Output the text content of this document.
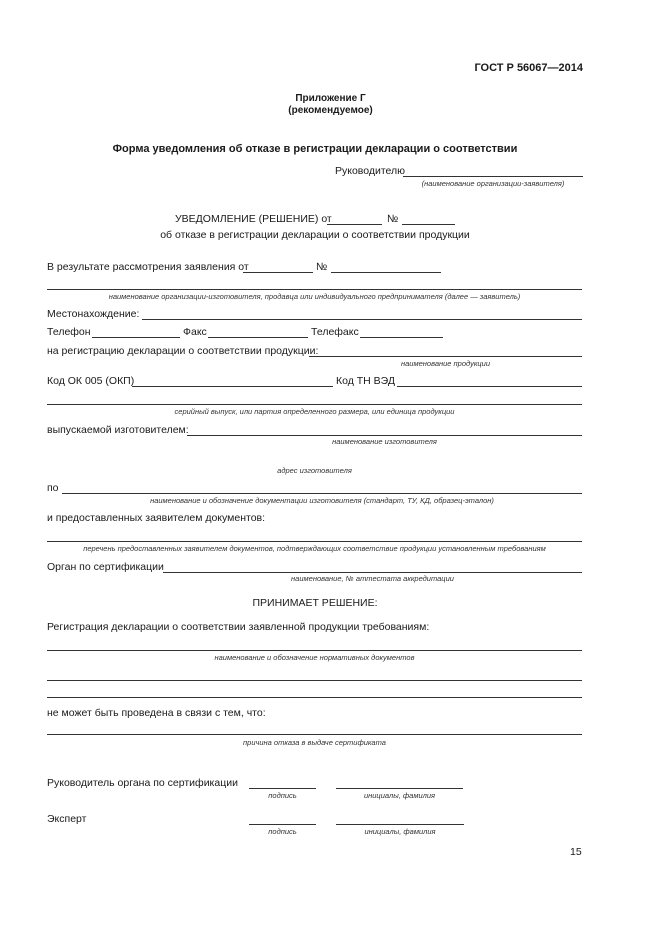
ГОСТ Р 56067—2014
Приложение Г
(рекомендуемое)
Форма уведомления об отказе в регистрации декларации о соответствии
Руководителю
(наименование организации-заявителя)
УВЕДОМЛЕНИЕ (РЕШЕНИЕ) от	№
об отказе в регистрации декларации о соответствии продукции
В результате рассмотрения заявления от	№
наименование организации-изготовителя, продавца или индивидуального предпринимателя (далее — заявитель)
Местонахождение:
Телефон	Факс	Телефакс
на регистрацию декларации о соответствии продукции:
наименование продукции
Код ОК 005 (ОКП)	Код ТН ВЭД
серийный выпуск, или партия определенного размера, или единица продукции
выпускаемой изготовителем:
наименование изготовителя
адрес изготовителя
по
наименование и обозначение документации изготовителя (стандарт, ТУ, КД, образец-эталон)
и предоставленных заявителем документов:
перечень предоставленных заявителем документов, подтверждающих соответствие продукции установленным требованиям
Орган по сертификации
наименование, № аттестата аккредитации
ПРИНИМАЕТ РЕШЕНИЕ:
Регистрация декларации о соответствии заявленной продукции требованиям:
наименование и обозначение нормативных документов
не может быть проведена в связи с тем, что:
причина отказа в выдаче сертификата
Руководитель органа по сертификации
подпись	инициалы, фамилия
Эксперт
подпись	инициалы, фамилия
15
